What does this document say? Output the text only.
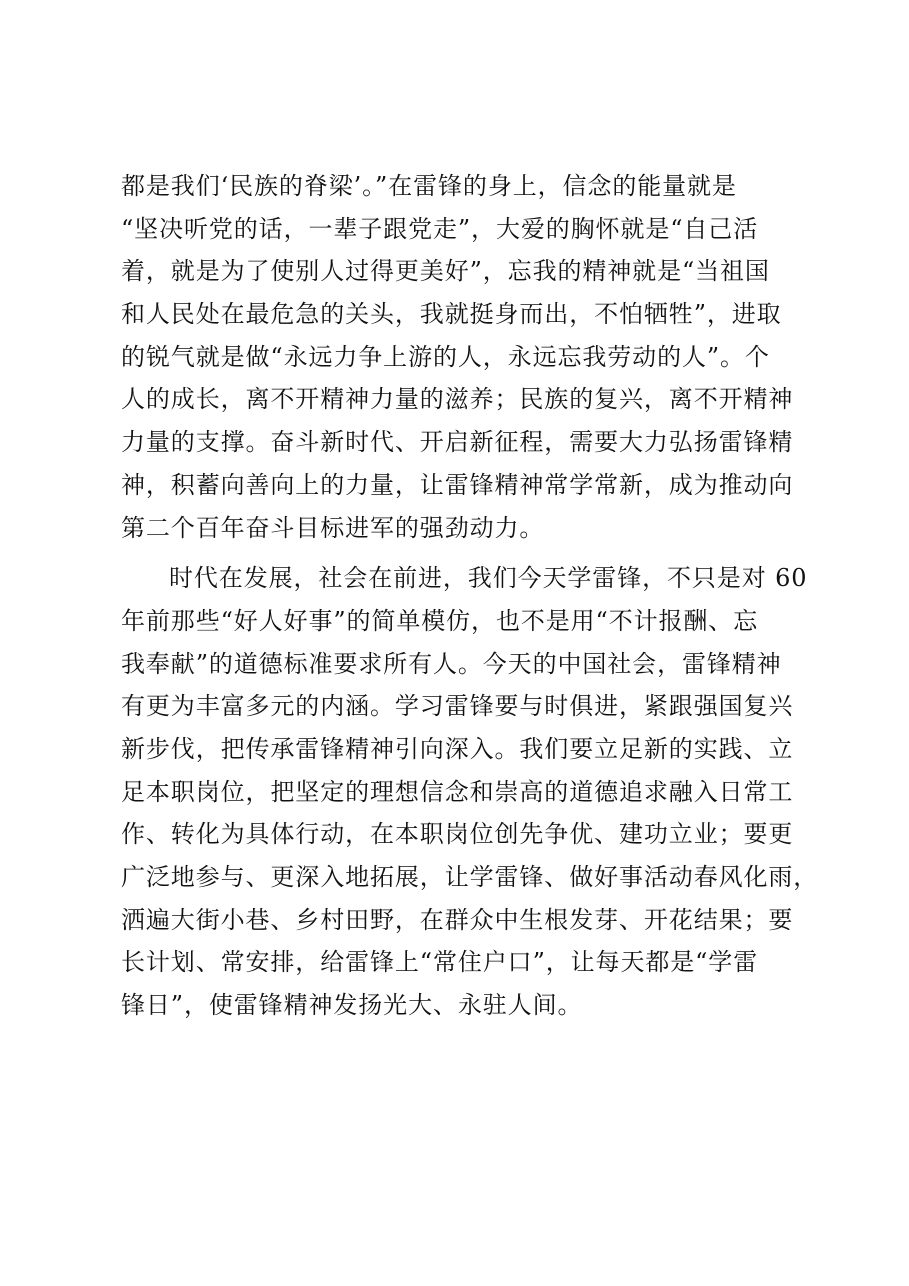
都是我们‘民族的脊梁’。”在雷锋的身上，信念的能量就是
“坚决听党的话，一辈子跟党走”，大爱的胸怀就是“自己活
着，就是为了使别人过得更美好”，忘我的精神就是“当祖国
和人民处在最危急的关头，我就挺身而出，不怕牺牲”，进取
的锐气就是做“永远力争上游的人，永远忘我劳动的人”。个
人的成长，离不开精神力量的滋养；民族的复兴，离不开精神
力量的支撑。奋斗新时代、开启新征程，需要大力弘扬雷锋精
神，积蓄向善向上的力量，让雷锋精神常学常新，成为推动向
第二个百年奋斗目标进军的强劲动力。
时代在发展，社会在前进，我们今天学雷锋，不只是对 60
年前那些“好人好事”的简单模仿，也不是用“不计报酬、忘
我奉献”的道德标准要求所有人。今天的中国社会，雷锋精神
有更为丰富多元的内涵。学习雷锋要与时俱进，紧跟强国复兴
新步伐，把传承雷锋精神引向深入。我们要立足新的实践、立
足本职岗位，把坚定的理想信念和崇高的道德追求融入日常工
作、转化为具体行动，在本职岗位创先争优、建功立业；要更
广泛地参与、更深入地拓展，让学雷锋、做好事活动春风化雨，
洒遍大街小巷、乡村田野，在群众中生根发芽、开花结果；要
长计划、常安排，给雷锋上“常住户口”，让每天都是“学雷
锋日”，使雷锋精神发扬光大、永驻人间。
